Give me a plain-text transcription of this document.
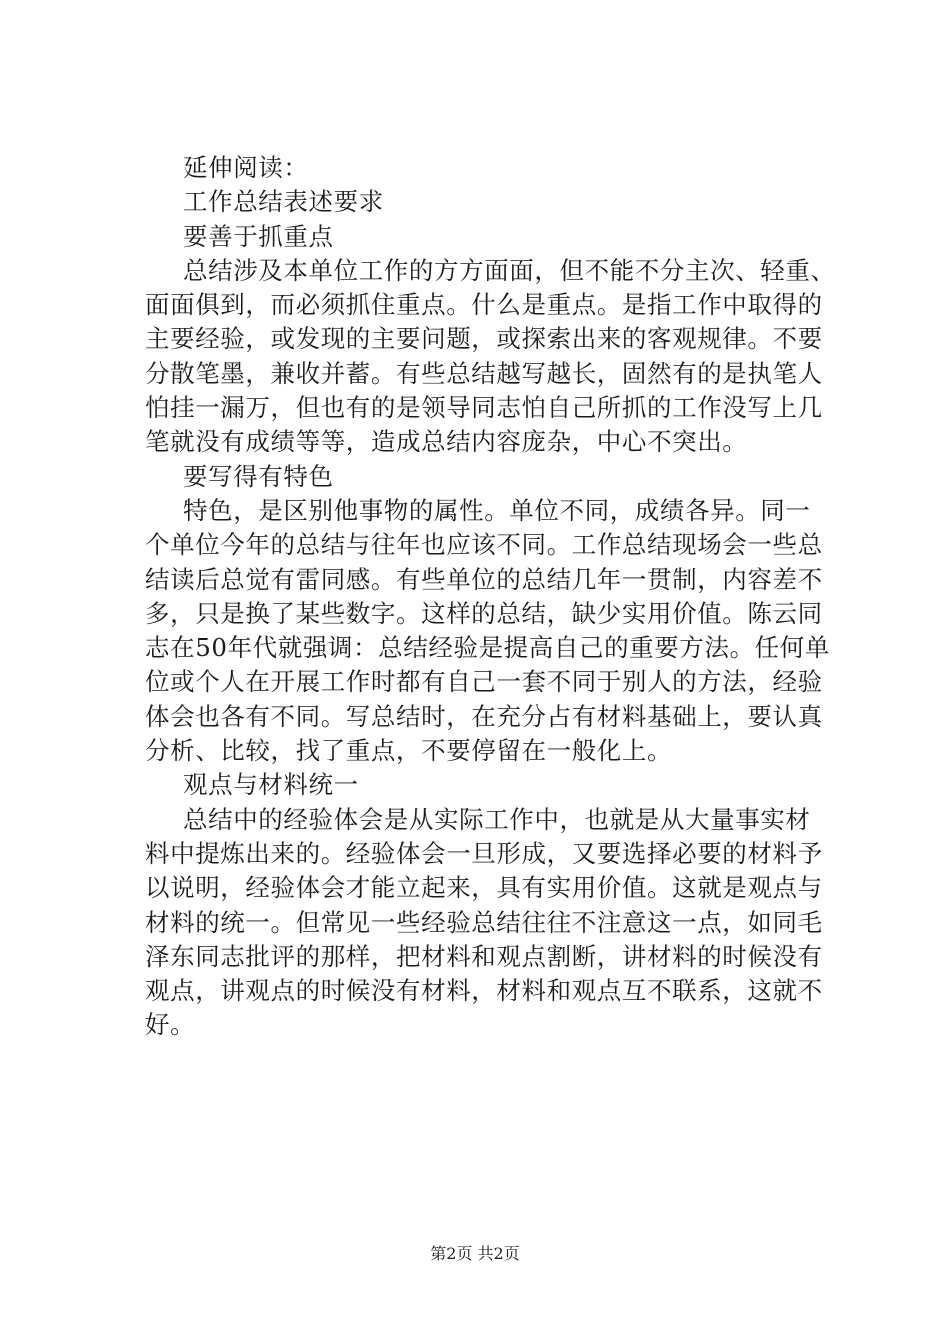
延伸阅读：
工作总结表述要求
要善于抓重点
总结涉及本单位工作的方方面面，但不能不分主次、轻重、
面面俱到，而必须抓住重点。什么是重点。是指工作中取得的
主要经验，或发现的主要问题，或探索出来的客观规律。不要
分散笔墨，兼收并蓄。有些总结越写越长，固然有的是执笔人
怕挂一漏万，但也有的是领导同志怕自己所抓的工作没写上几
笔就没有成绩等等，造成总结内容庞杂，中心不突出。
要写得有特色
特色，是区别他事物的属性。单位不同，成绩各异。同一
个单位今年的总结与往年也应该不同。工作总结现场会一些总
结读后总觉有雷同感。有些单位的总结几年一贯制，内容差不
多，只是换了某些数字。这样的总结，缺少实用价值。陈云同
志在50年代就强调：总结经验是提高自己的重要方法。任何单
位或个人在开展工作时都有自己一套不同于别人的方法，经验
体会也各有不同。写总结时，在充分占有材料基础上，要认真
分析、比较，找了重点，不要停留在一般化上。
观点与材料统一
总结中的经验体会是从实际工作中，也就是从大量事实材
料中提炼出来的。经验体会一旦形成，又要选择必要的材料予
以说明，经验体会才能立起来，具有实用价值。这就是观点与
材料的统一。但常见一些经验总结往往不注意这一点，如同毛
泽东同志批评的那样，把材料和观点割断，讲材料的时候没有
观点，讲观点的时候没有材料，材料和观点互不联系，这就不
好。
第2页 共2页
